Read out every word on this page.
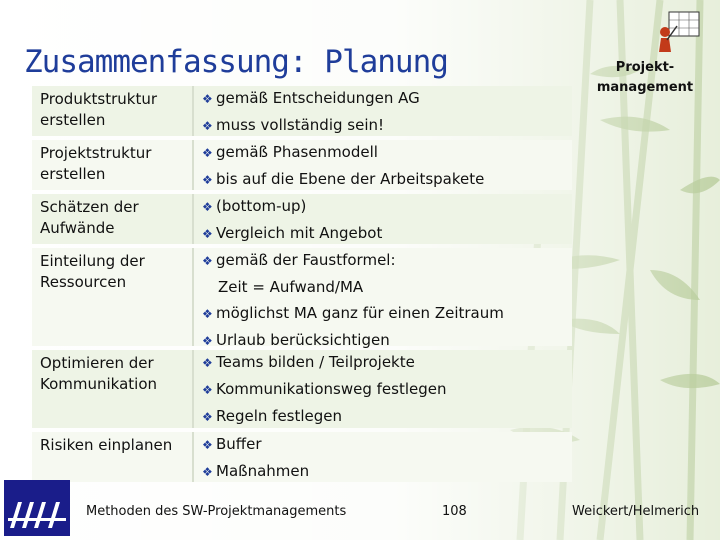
Zusammenfassung: Planung	Projekt-
management
Produktstruktur erstellen
❖ gemäß Entscheidungen AG
❖ muss vollständig sein!
Projektstruktur erstellen
❖ gemäß Phasenmodell
❖ bis auf die Ebene der Arbeitspakete
Schätzen der Aufwände
❖ (bottom-up)
❖ Vergleich mit Angebot
Einteilung der Ressourcen
❖ gemäß der Faustformel:
Zeit = Aufwand/MA
❖ möglichst MA ganz für einen Zeitraum
❖ Urlaub berücksichtigen
Optimieren der Kommunikation
❖ Teams bilden / Teilprojekte
❖ Kommunikationsweg festlegen
❖ Regeln festlegen
Risiken einplanen	❖ Buffer
❖ Maßnahmen
Methoden des SW-Projektmanagements	108	Weickert/Helmerich
